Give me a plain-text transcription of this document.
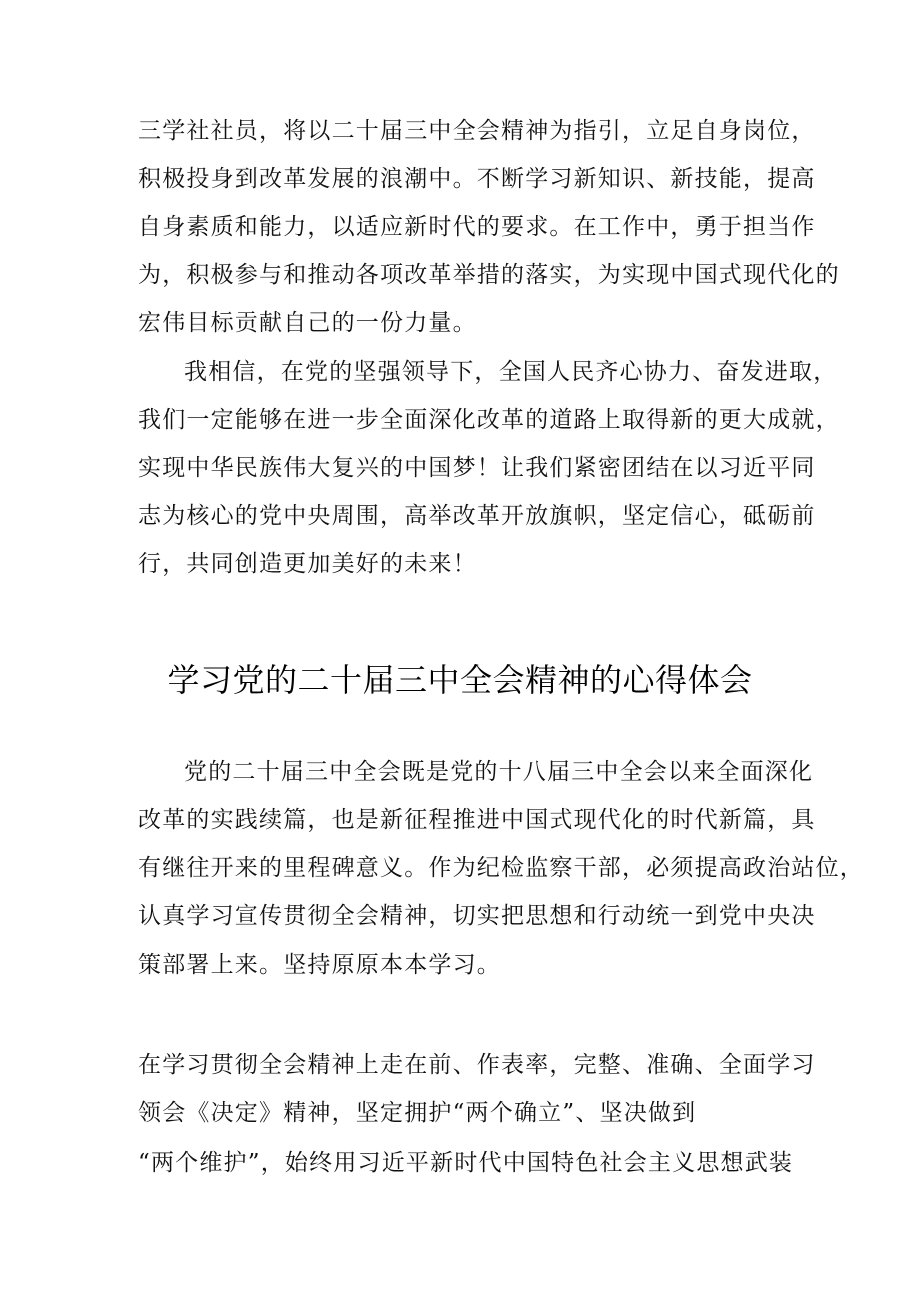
三学社社员，将以二十届三中全会精神为指引，立足自身岗位，
积极投身到改革发展的浪潮中。不断学习新知识、新技能，提高
自身素质和能力，以适应新时代的要求。在工作中，勇于担当作
为，积极参与和推动各项改革举措的落实，为实现中国式现代化的
宏伟目标贡献自己的一份力量。
我相信，在党的坚强领导下，全国人民齐心协力、奋发进取，
我们一定能够在进一步全面深化改革的道路上取得新的更大成就，
实现中华民族伟大复兴的中国梦！让我们紧密团结在以习近平同
志为核心的党中央周围，高举改革开放旗帜，坚定信心，砥砺前
行，共同创造更加美好的未来！
学习党的二十届三中全会精神的心得体会
党的二十届三中全会既是党的十八届三中全会以来全面深化
改革的实践续篇，也是新征程推进中国式现代化的时代新篇，具
有继往开来的里程碑意义。作为纪检监察干部，必须提高政治站位，
认真学习宣传贯彻全会精神，切实把思想和行动统一到党中央决
策部署上来。坚持原原本本学习。
在学习贯彻全会精神上走在前、作表率，完整、准确、全面学习
领会《决定》精神，坚定拥护“两个确立”、坚决做到
“两个维护”，始终用习近平新时代中国特色社会主义思想武装
